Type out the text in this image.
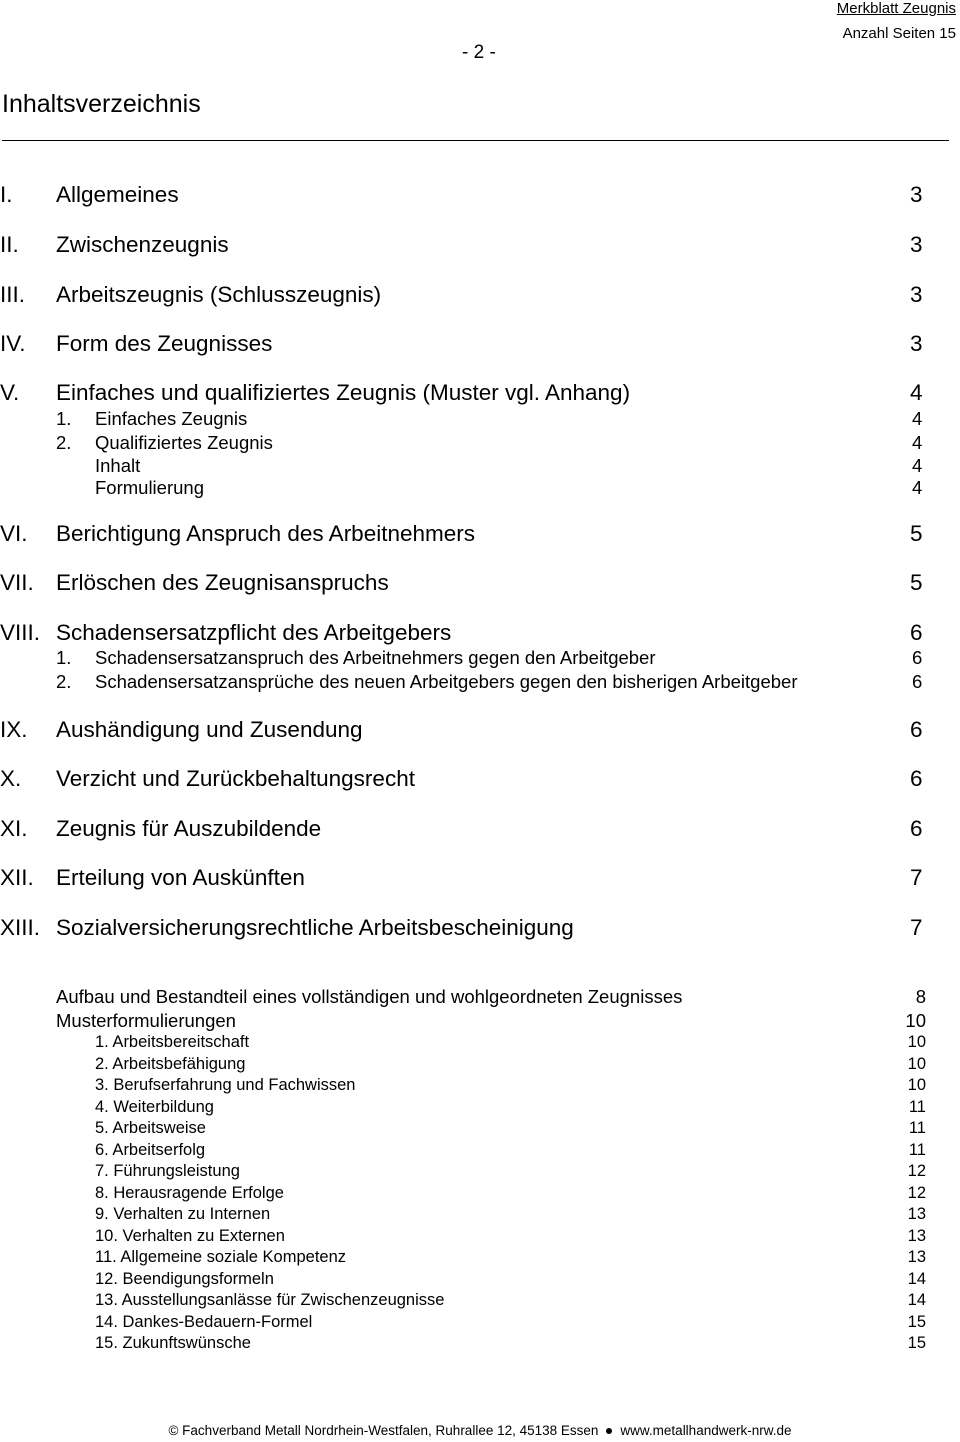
Merkblatt Zeugnis
Anzahl Seiten 15
- 2 -
Inhaltsverzeichnis
I. Allgemeines	3
II. Zwischenzeugnis	3
III. Arbeitszeugnis (Schlusszeugnis)	3
IV. Form des Zeugnisses	3
V. Einfaches und qualifiziertes Zeugnis (Muster vgl. Anhang)	4
1. Einfaches Zeugnis	4
2. Qualifiziertes Zeugnis	4
Inhalt	4
Formulierung	4
VI. Berichtigung Anspruch des Arbeitnehmers	5
VII. Erlöschen des Zeugnisanspruchs	5
VIII. Schadensersatzpflicht des Arbeitgebers	6
1. Schadensersatzanspruch des Arbeitnehmers gegen den Arbeitgeber	6
2. Schadensersatzansprüche des neuen Arbeitgebers gegen den bisherigen Arbeitgeber	6
IX. Aushändigung und Zusendung	6
X. Verzicht und Zurückbehaltungsrecht	6
XI. Zeugnis für Auszubildende	6
XII. Erteilung von Auskünften	7
XIII. Sozialversicherungsrechtliche Arbeitsbescheinigung	7
Aufbau und Bestandteil eines vollständigen und wohlgeordneten Zeugnisses	8
Musterformulierungen	10
1. Arbeitsbereitschaft	10
2. Arbeitsbefähigung	10
3. Berufserfahrung und Fachwissen	10
4. Weiterbildung	11
5. Arbeitsweise	11
6. Arbeitserfolg	11
7. Führungsleistung	12
8. Herausragende Erfolge	12
9. Verhalten zu Internen	13
10. Verhalten zu Externen	13
11. Allgemeine soziale Kompetenz	13
12. Beendigungsformeln	14
13. Ausstellungsanlässe für Zwischenzeugnisse	14
14. Dankes-Bedauern-Formel	15
15. Zukunftswünsche	15
© Fachverband Metall Nordrhein-Westfalen, Ruhrallee 12, 45138 Essen www.metallhandwerk-nrw.de
